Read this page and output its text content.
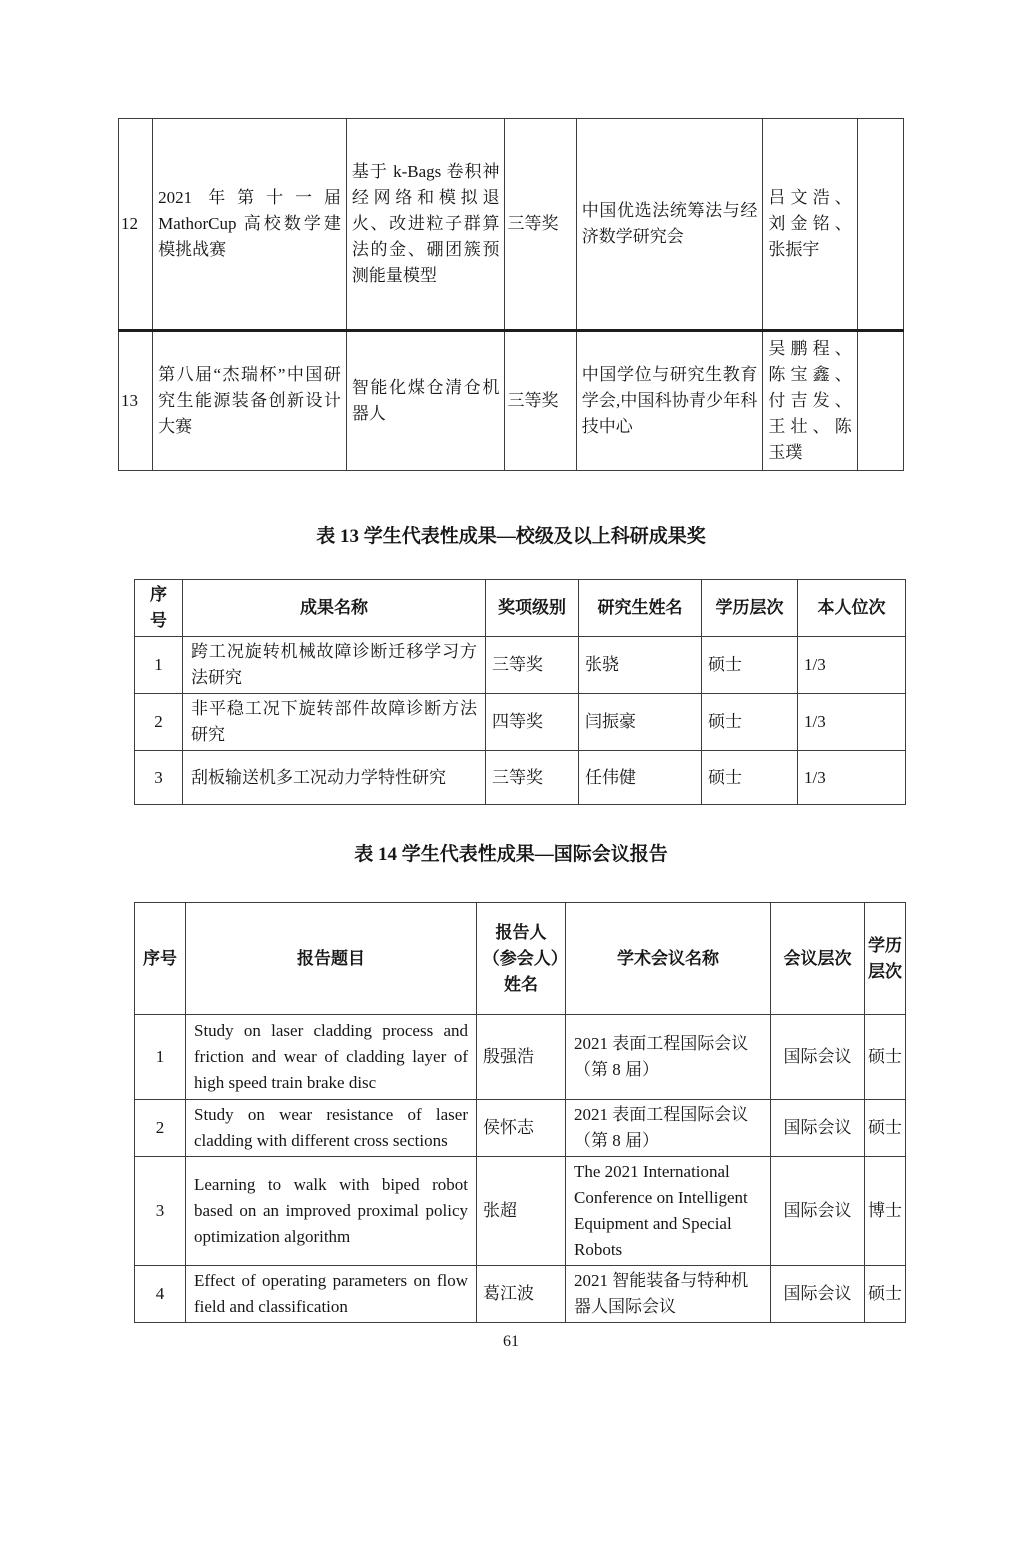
12	2021 年第十一届 MathorCup 高校数学建模挑战赛	基于 k-Bags 卷积神经网络和模拟退火、改进粒子群算法的金、硼团簇预测能量模型	三等奖	中国优选法统筹法与经济数学研究会	吕文浩、刘金铭、张振宇	
13	第八届“杰瑞杯”中国研究生能源装备创新设计大赛	智能化煤仓清仓机器人	三等奖	中国学位与研究生教育学会,中国科协青少年科技中心	吴鹏程、陈宝鑫、付吉发、王壮、陈玉璞	
表 13 学生代表性成果—校级及以上科研成果奖
序号	成果名称	奖项级别	研究生姓名	学历层次	本人位次
1	跨工况旋转机械故障诊断迁移学习方法研究	三等奖	张骁	硕士	1/3
2	非平稳工况下旋转部件故障诊断方法研究	四等奖	闫振豪	硕士	1/3
3	刮板输送机多工况动力学特性研究	三等奖	任伟健	硕士	1/3
表 14 学生代表性成果—国际会议报告
序号	报告题目	报告人（参会人）姓名	学术会议名称	会议层次	学历层次
1	Study on laser cladding process and friction and wear of cladding layer of high speed train brake disc	殷强浩	2021 表面工程国际会议（第 8 届）	国际会议	硕士
2	Study on wear resistance of laser cladding with different cross sections	侯怀志	2021 表面工程国际会议（第 8 届）	国际会议	硕士
3	Learning to walk with biped robot based on an improved proximal policy optimization algorithm	张超	The 2021 International Conference on Intelligent Equipment and Special Robots	国际会议	博士
4	Effect of operating parameters on flow field and classification	葛江波	2021 智能装备与特种机器人国际会议	国际会议	硕士
61
